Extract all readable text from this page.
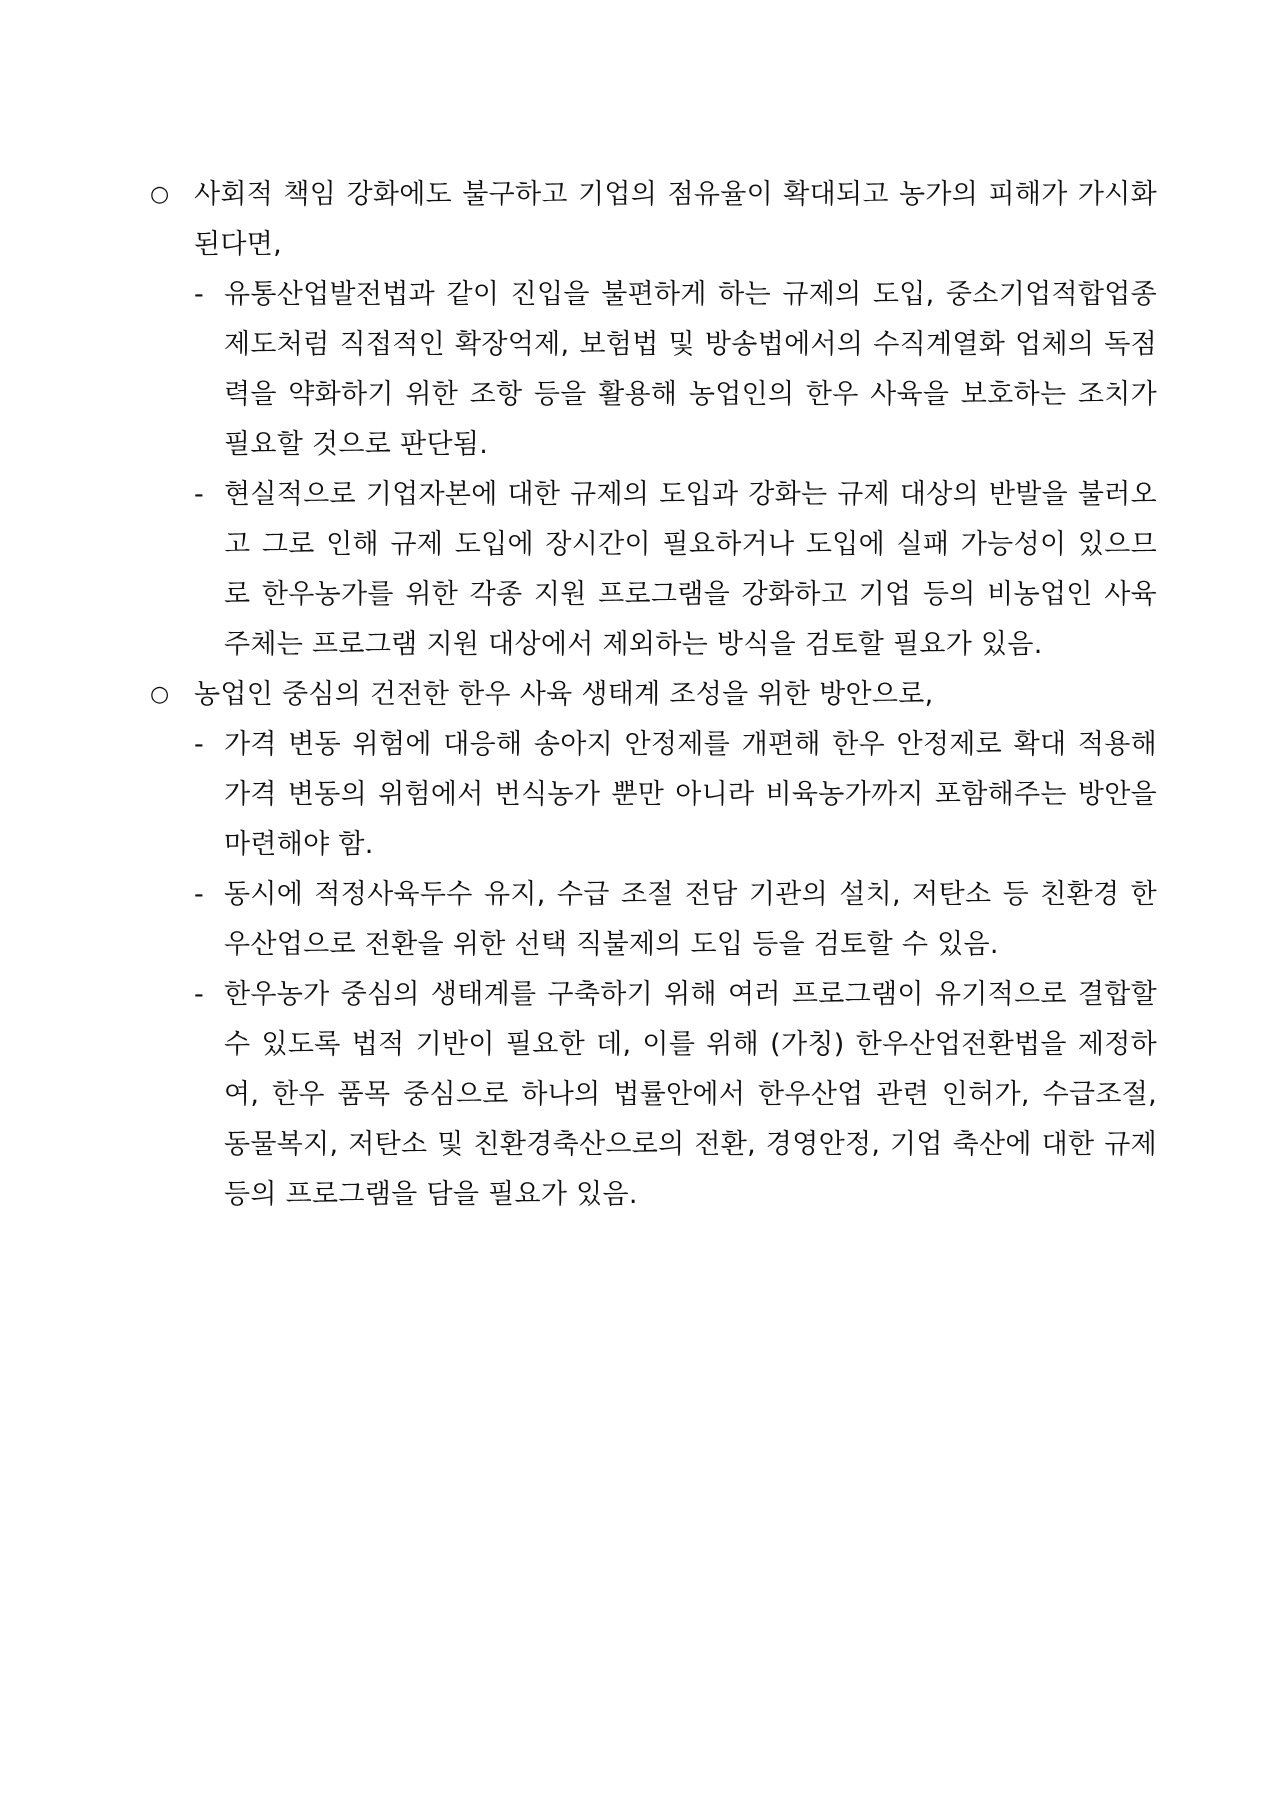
○ 사회적 책임 강화에도 불구하고 기업의 점유율이 확대되고 농가의 피해가 가시화된다면,
- 유통산업발전법과 같이 진입을 불편하게 하는 규제의 도입, 중소기업적합업종제도처럼 직접적인 확장억제, 보험법 및 방송법에서의 수직계열화 업체의 독점력을 약화하기 위한 조항 등을 활용해 농업인의 한우 사육을 보호하는 조치가 필요할 것으로 판단됨.
- 현실적으로 기업자본에 대한 규제의 도입과 강화는 규제 대상의 반발을 불러오고 그로 인해 규제 도입에 장시간이 필요하거나 도입에 실패 가능성이 있으므로 한우농가를 위한 각종 지원 프로그램을 강화하고 기업 등의 비농업인 사육주체는 프로그램 지원 대상에서 제외하는 방식을 검토할 필요가 있음.
○ 농업인 중심의 건전한 한우 사육 생태계 조성을 위한 방안으로,
- 가격 변동 위험에 대응해 송아지 안정제를 개편해 한우 안정제로 확대 적용해 가격 변동의 위험에서 번식농가 뿐만 아니라 비육농가까지 포함해주는 방안을 마련해야 함.
- 동시에 적정사육두수 유지, 수급 조절 전담 기관의 설치, 저탄소 등 친환경 한우산업으로 전환을 위한 선택 직불제의 도입 등을 검토할 수 있음.
- 한우농가 중심의 생태계를 구축하기 위해 여러 프로그램이 유기적으로 결합할 수 있도록 법적 기반이 필요한 데, 이를 위해 (가칭) 한우산업전환법을 제정하여, 한우 품목 중심으로 하나의 법률안에서 한우산업 관련 인허가, 수급조절, 동물복지, 저탄소 및 친환경축산으로의 전환, 경영안정, 기업 축산에 대한 규제 등의 프로그램을 담을 필요가 있음.
